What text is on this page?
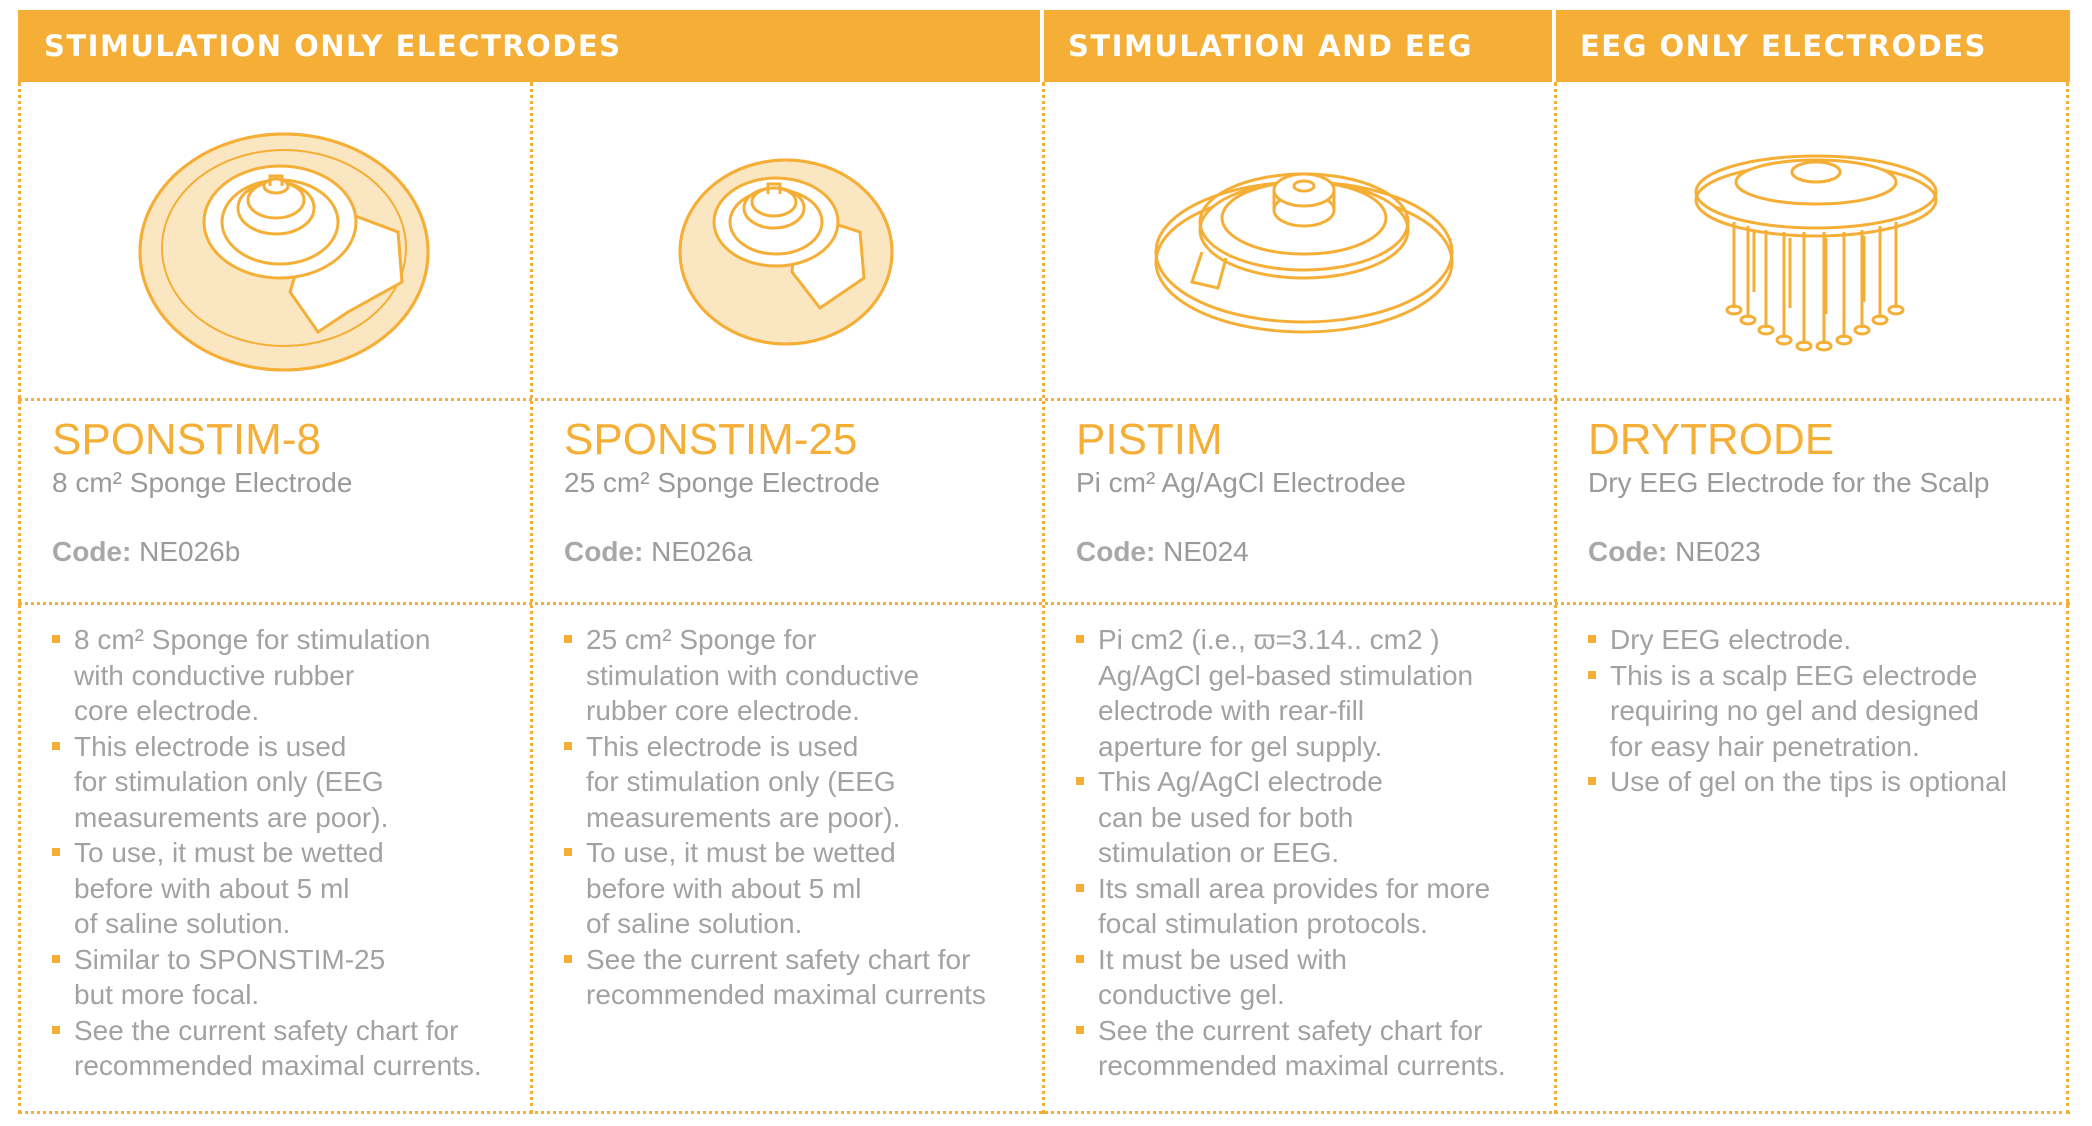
STIMULATION ONLY ELECTRODES	STIMULATION AND EEG	EEG ONLY ELECTRODES
SPONSTIM-8
8 cm² Sponge Electrode
Code: NE026b
8 cm² Sponge for stimulation
with conductive rubber
core electrode.
This electrode is used
for stimulation only (EEG
measurements are poor).
To use, it must be wetted
before with about 5 ml
of saline solution.
Similar to SPONSTIM-25
but more focal.
See the current safety chart for
recommended maximal currents.
SPONSTIM-25
25 cm² Sponge Electrode
Code: NE026a
25 cm² Sponge for
stimulation with conductive
rubber core electrode.
This electrode is used
for stimulation only (EEG
measurements are poor).
To use, it must be wetted
before with about 5 ml
of saline solution.
See the current safety chart for
recommended maximal currents
PISTIM
Pi cm² Ag/AgCl Electrodee
Code: NE024
Pi cm2 (i.e., ϖ=3.14.. cm2 )
Ag/AgCl gel-based stimulation
electrode with rear-fill
aperture for gel supply.
This Ag/AgCl electrode
can be used for both
stimulation or EEG.
Its small area provides for more
focal stimulation protocols.
It must be used with
conductive gel.
See the current safety chart for
recommended maximal currents.
DRYTRODE
Dry EEG Electrode for the Scalp
Code: NE023
Dry EEG electrode.
This is a scalp EEG electrode
requiring no gel and designed
for easy hair penetration.
Use of gel on the tips is optional
